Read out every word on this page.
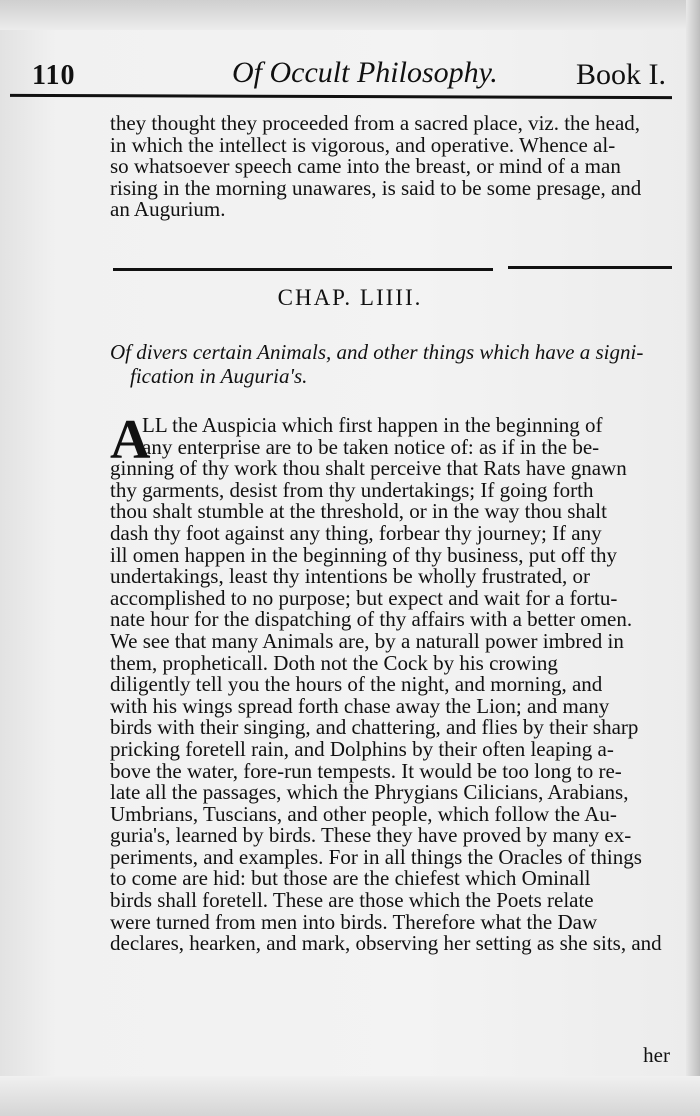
110	Of Occult Philosophy.	Book I.
they thought they proceeded from a sacred place, viz. the head,
in which the intellect is vigorous, and operative. Whence al-
so whatsoever speech came into the breast, or mind of a man
rising in the morning unawares, is said to be some presage, and
an Augurium.
CHAP. LIIII.
Of divers certain Animals, and other things which have a signi-
fication in Auguria's.
A
LL the Auspicia which first happen in the beginning of
any enterprise are to be taken notice of: as if in the be-
ginning of thy work thou shalt perceive that Rats have gnawn
thy garments, desist from thy undertakings; If going forth
thou shalt stumble at the threshold, or in the way thou shalt
dash thy foot against any thing, forbear thy journey; If any
ill omen happen in the beginning of thy business, put off thy
undertakings, least thy intentions be wholly frustrated, or
accomplished to no purpose; but expect and wait for a fortu-
nate hour for the dispatching of thy affairs with a better omen.
We see that many Animals are, by a naturall power imbred in
them, propheticall. Doth not the Cock by his crowing
diligently tell you the hours of the night, and morning, and
with his wings spread forth chase away the Lion; and many
birds with their singing, and chattering, and flies by their sharp
pricking foretell rain, and Dolphins by their often leaping a-
bove the water, fore-run tempests. It would be too long to re-
late all the passages, which the Phrygians Cilicians, Arabians,
Umbrians, Tuscians, and other people, which follow the Au-
guria's, learned by birds. These they have proved by many ex-
periments, and examples. For in all things the Oracles of things
to come are hid: but those are the chiefest which Ominall
birds shall foretell. These are those which the Poets relate
were turned from men into birds. Therefore what the Daw
declares, hearken, and mark, observing her setting as she sits, and
her
